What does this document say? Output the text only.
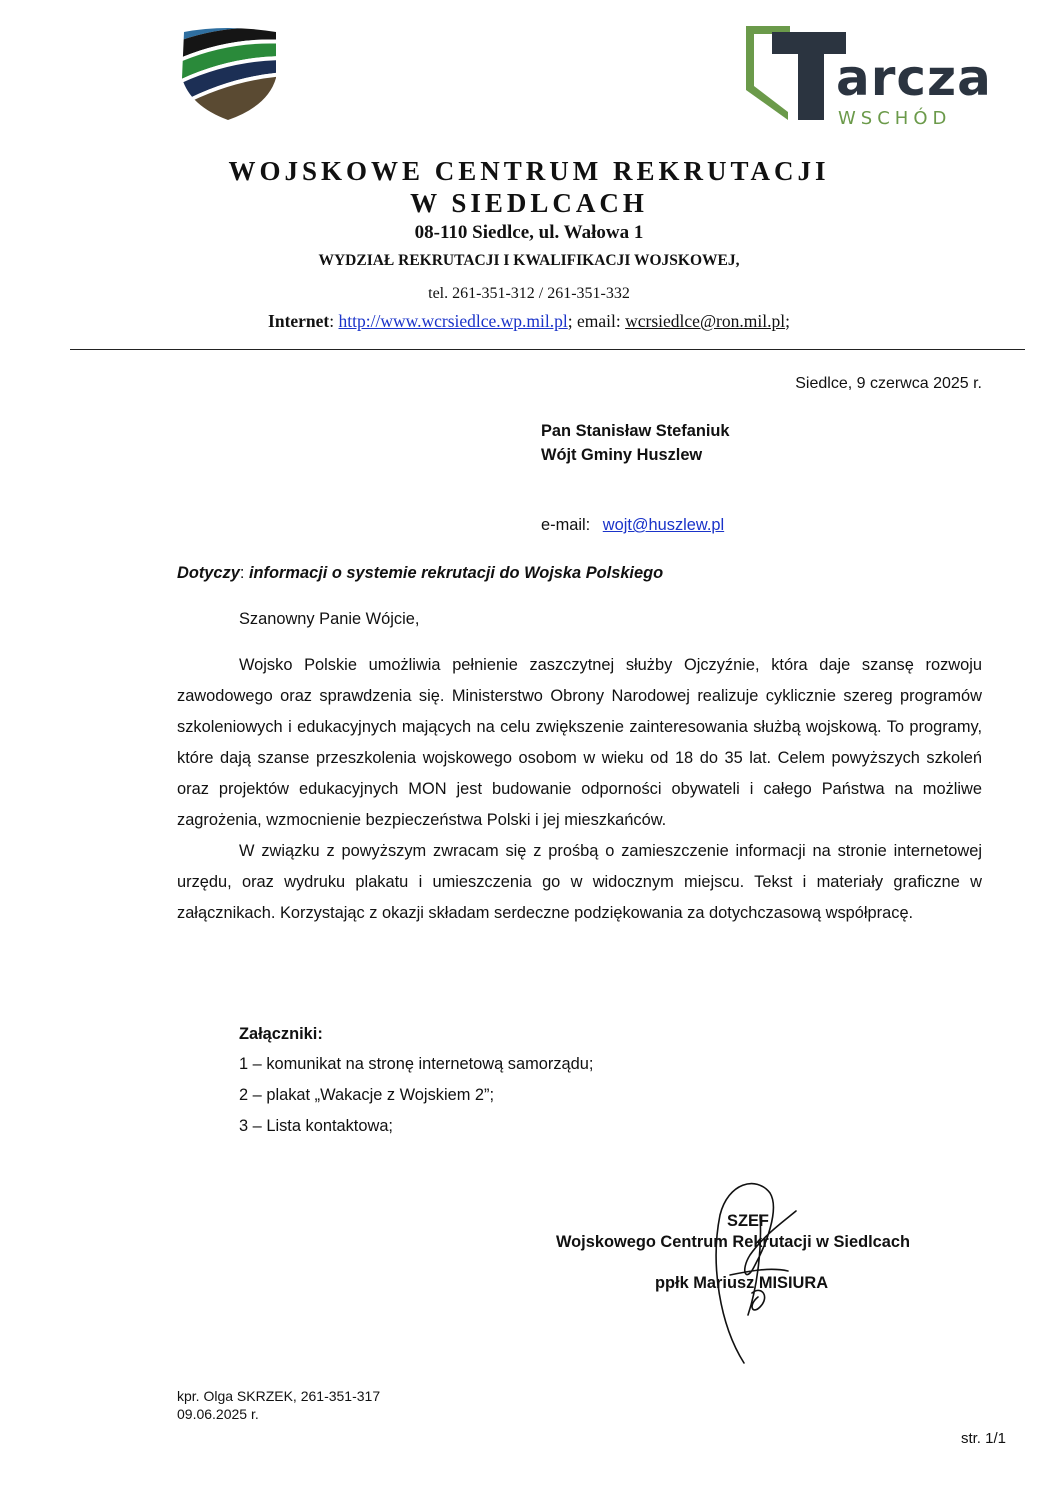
arcza
WSCHÓD
WOJSKOWE CENTRUM REKRUTACJI
W SIEDLCACH
08-110 Siedlce, ul. Wałowa 1
WYDZIAŁ REKRUTACJI I KWALIFIKACJI WOJSKOWEJ,
tel. 261-351-312 / 261-351-332
Internet: http://www.wcrsiedlce.wp.mil.pl; email: wcrsiedlce@ron.mil.pl;
Siedlce, 9 czerwca 2025 r.
Pan Stanisław Stefaniuk
Wójt Gminy Huszlew
e-mail: wojt@huszlew.pl
Dotyczy: informacji o systemie rekrutacji do Wojska Polskiego
Szanowny Panie Wójcie,

Wojsko Polskie umożliwia pełnienie zaszczytnej służby Ojczyźnie, która daje szansę rozwoju zawodowego oraz sprawdzenia się. Ministerstwo Obrony Narodowej realizuje cyklicznie szereg programów szkoleniowych i edukacyjnych mających na celu zwiększenie zainteresowania służbą wojskową. To programy, które dają szanse przeszkolenia wojskowego osobom w wieku od 18 do 35 lat. Celem powyższych szkoleń oraz projektów edukacyjnych MON jest budowanie odporności obywateli i całego Państwa na możliwe zagrożenia, wzmocnienie bezpieczeństwa Polski i jej mieszkańców.

W związku z powyższym zwracam się z prośbą o zamieszczenie informacji na stronie internetowej urzędu, oraz wydruku plakatu i umieszczenia go w widocznym miejscu. Tekst i materiały graficzne w załącznikach. Korzystając z okazji składam serdeczne podziękowania za dotychczasową współpracę.

Załączniki:
1 – komunikat na stronę internetową samorządu;
2 – plakat „Wakacje z Wojskiem 2”;
3 – Lista kontaktowa;
SZEF
Wojskowego Centrum Rekrutacji w Siedlcach
ppłk Mariusz MISIURA
kpr. Olga SKRZEK, 261-351-317
09.06.2025 r.
str. 1/1
